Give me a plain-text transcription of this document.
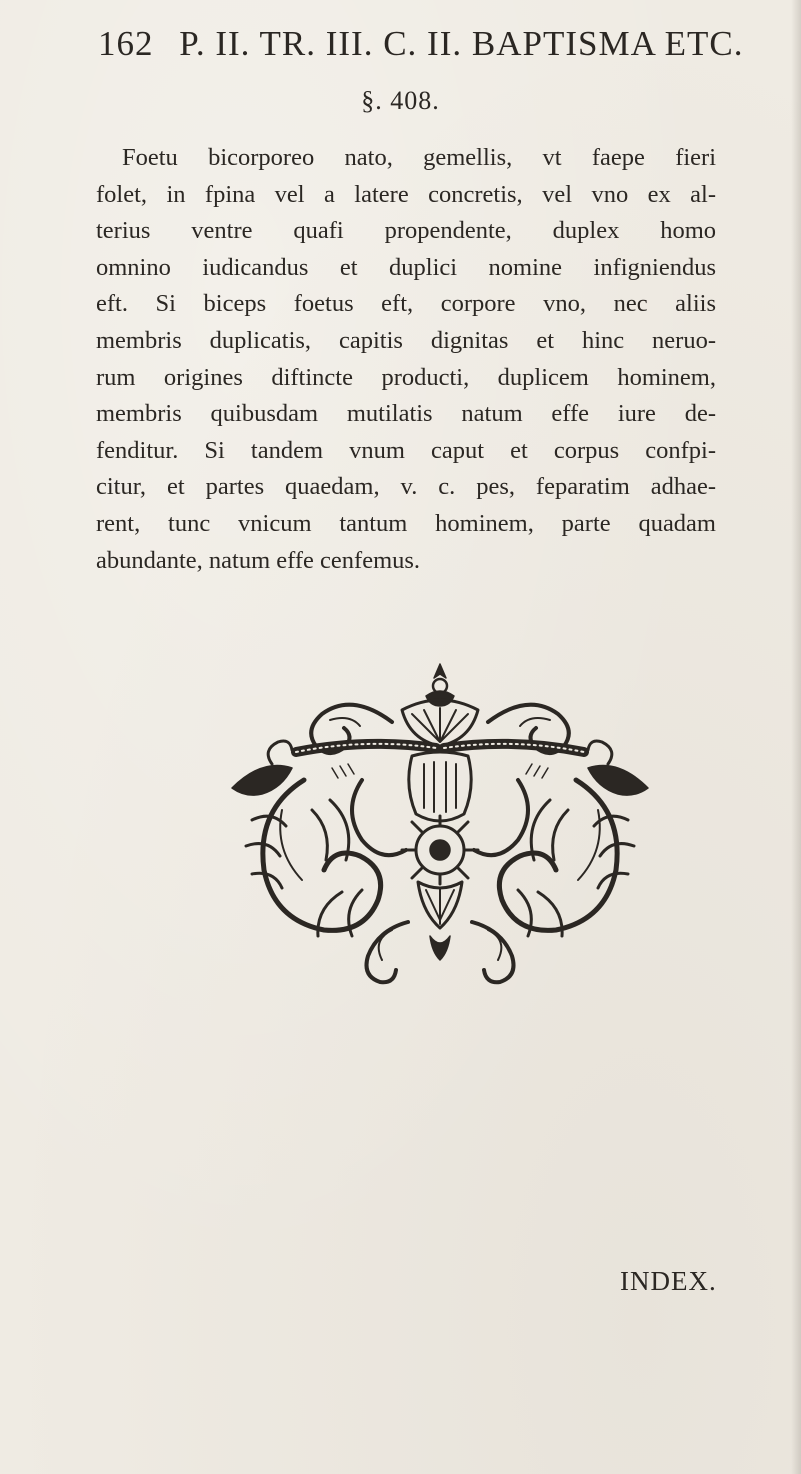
162 P. II. TR. III. C. II. BAPTISMA ETC.
§. 408.
Foetu bicorporeo nato, gemellis, vt faepe fieri
folet, in fpina vel a latere concretis, vel vno ex al-
terius ventre quafi propendente, duplex homo
omnino iudicandus et duplici nomine infigniendus
eft. Si biceps foetus eft, corpore vno, nec aliis
membris duplicatis, capitis dignitas et hinc neruo-
rum origines diftincte producti, duplicem hominem,
membris quibusdam mutilatis natum effe iure de-
fenditur. Si tandem vnum caput et corpus confpi-
citur, et partes quaedam, v. c. pes, feparatim adhae-
rent, tunc vnicum tantum hominem, parte quadam
abundante, natum effe cenfemus.
INDEX.
